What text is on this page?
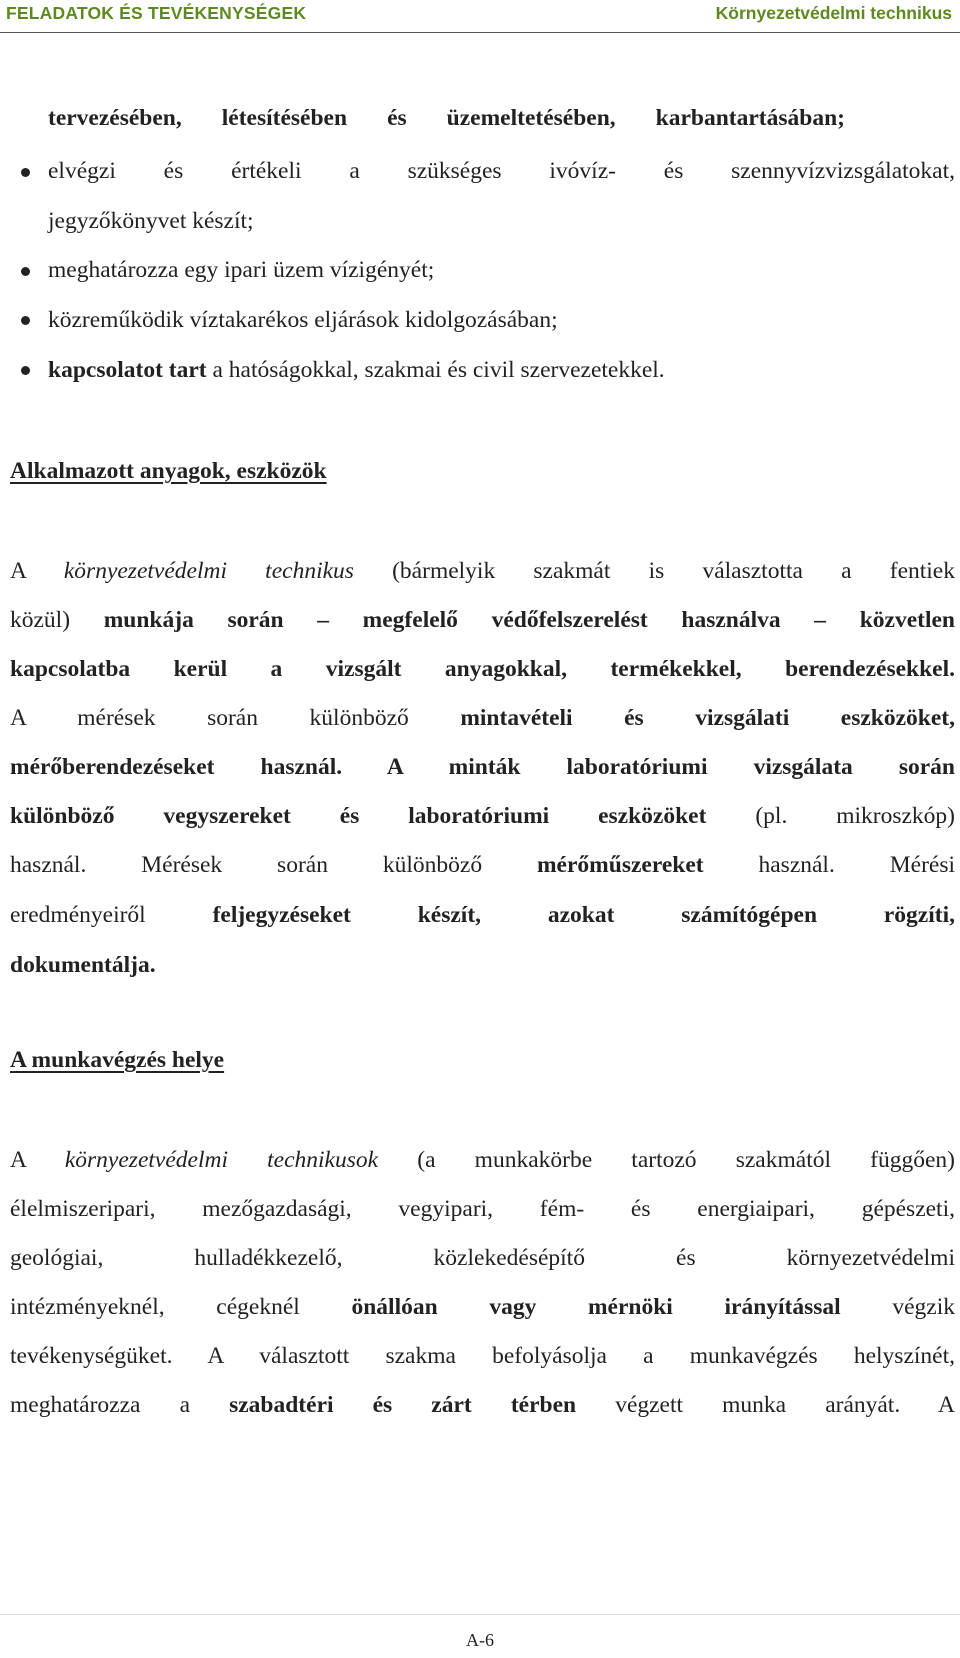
FELADATOK ÉS TEVÉKENYSÉGEK	Környezetvédelmi technikus
tervezésében, létesítésében és üzemeltetésében, karbantartásában;
elvégzi és értékeli a szükséges ivóvíz- és szennyvízvizsgálatokat,
jegyzőkönyvet készít;
meghatározza egy ipari üzem vízigényét;
közreműködik víztakarékos eljárások kidolgozásában;
kapcsolatot tart a hatóságokkal, szakmai és civil szervezetekkel.
Alkalmazott anyagok, eszközök
A környezetvédelmi technikus (bármelyik szakmát is választotta a fentiek
közül) munkája során – megfelelő védőfelszerelést használva – közvetlen
kapcsolatba kerül a vizsgált anyagokkal, termékekkel, berendezésekkel.
A mérések során különböző mintavételi és vizsgálati eszközöket,
mérőberendezéseket használ. A minták laboratóriumi vizsgálata során
különböző vegyszereket és laboratóriumi eszközöket (pl. mikroszkóp)
használ. Mérések során különböző mérőműszereket használ. Mérési
eredményeiről feljegyzéseket készít, azokat számítógépen rögzíti,
dokumentálja.
A munkavégzés helye
A környezetvédelmi technikusok (a munkakörbe tartozó szakmától függően)
élelmiszeripari, mezőgazdasági, vegyipari, fém- és energiaipari, gépészeti,
geológiai, hulladékkezelő, közlekedésépítő és környezetvédelmi
intézményeknél, cégeknél önállóan vagy mérnöki irányítással végzik
tevékenységüket. A választott szakma befolyásolja a munkavégzés helyszínét,
meghatározza a szabadtéri és zárt térben végzett munka arányát. A
A-6
